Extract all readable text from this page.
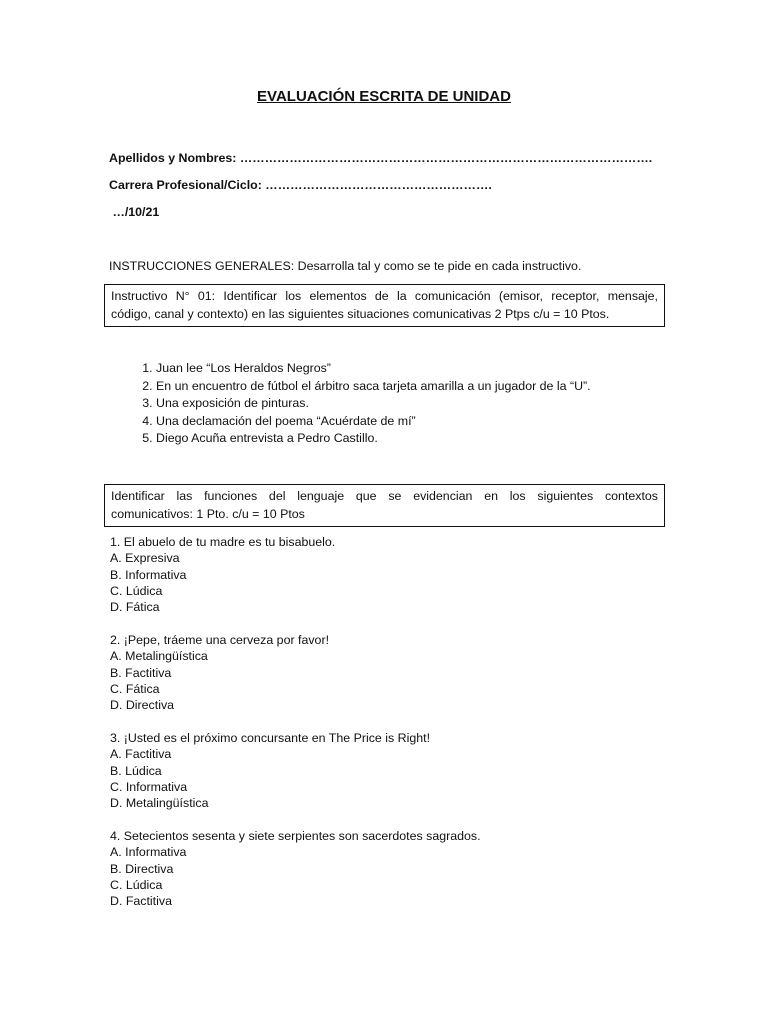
EVALUACIÓN ESCRITA DE UNIDAD
Apellidos y Nombres: ……………………………………………………………………………………….
Carrera Profesional/Ciclo: ……………………………………………….
…/10/21
INSTRUCCIONES GENERALES: Desarrolla tal y como se te pide en cada instructivo.
Instructivo N° 01: Identificar los elementos de la comunicación (emisor, receptor, mensaje,
código, canal y contexto) en las siguientes situaciones comunicativas 2 Ptps c/u = 10 Ptos.
1. Juan lee “Los Heraldos Negros”
2. En un encuentro de fútbol el árbitro saca tarjeta amarilla a un jugador de la “U”.
3. Una exposición de pinturas.
4. Una declamación del poema “Acuérdate de mí”
5. Diego Acuña entrevista a Pedro Castillo.
Identificar las funciones del lenguaje que se evidencian en los siguientes contextos
comunicativos: 1 Pto. c/u = 10 Ptos
1. El abuelo de tu madre es tu bisabuelo.
A. Expresiva
B. Informativa
C. Lúdica
D. Fática
2. ¡Pepe, tráeme una cerveza por favor!
A. Metalingüística
B. Factitiva
C. Fática
D. Directiva
3. ¡Usted es el próximo concursante en The Price is Right!
A. Factitiva
B. Lúdica
C. Informativa
D. Metalingüística
4. Setecientos sesenta y siete serpientes son sacerdotes sagrados.
A. Informativa
B. Directiva
C. Lúdica
D. Factitiva
